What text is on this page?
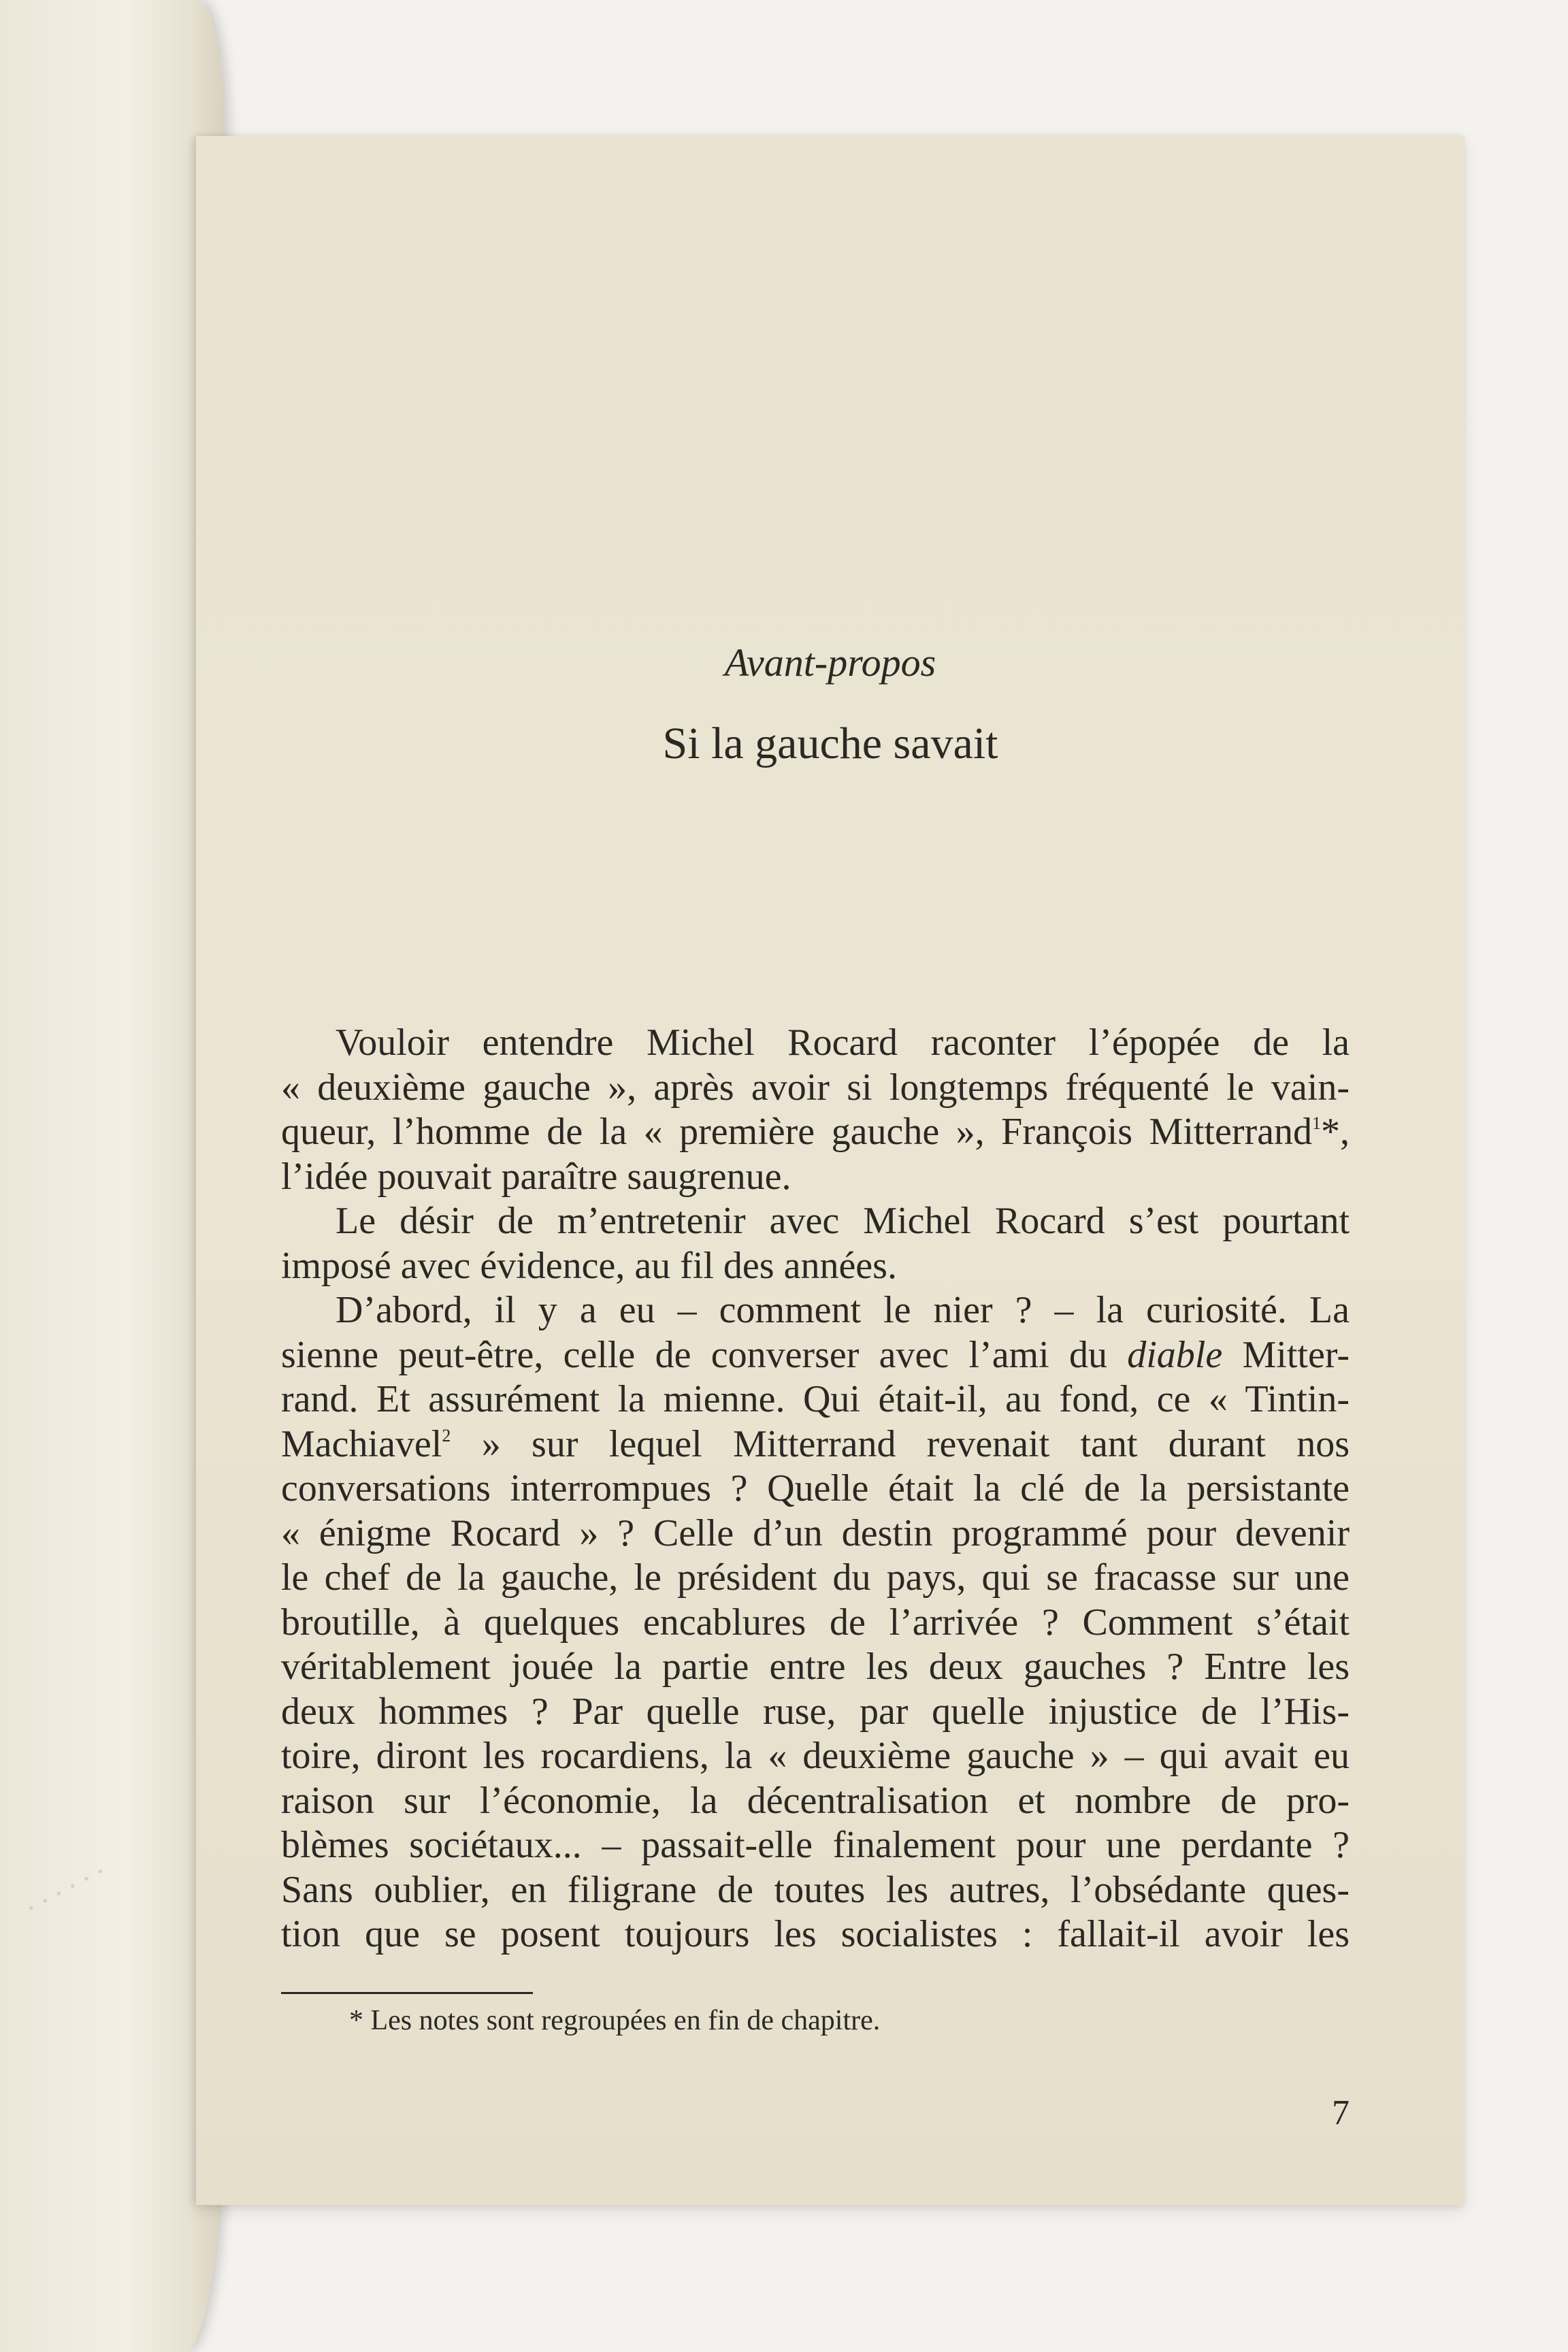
· · · · · ·

Avant-propos
Si la gauche savait
Vouloir entendre Michel Rocard raconter l’épopée de la
« deuxième gauche », après avoir si longtemps fréquenté le vain-
queur, l’homme de la « première gauche », François Mitterrand$^1$*,
l’idée pouvait paraître saugrenue.
Le désir de m’entretenir avec Michel Rocard s’est pourtant
imposé avec évidence, au fil des années.
D’abord, il y a eu – comment le nier ? – la curiosité. La
sienne peut-être, celle de converser avec l’ami du diable Mitter-
rand. Et assurément la mienne. Qui était-il, au fond, ce « Tintin-
Machiavel$^2$ » sur lequel Mitterrand revenait tant durant nos
conversations interrompues ? Quelle était la clé de la persistante
« énigme Rocard » ? Celle d’un destin programmé pour devenir
le chef de la gauche, le président du pays, qui se fracasse sur une
broutille, à quelques encablures de l’arrivée ? Comment s’était
véritablement jouée la partie entre les deux gauches ? Entre les
deux hommes ? Par quelle ruse, par quelle injustice de l’His-
toire, diront les rocardiens, la « deuxième gauche » – qui avait eu
raison sur l’économie, la décentralisation et nombre de pro-
blèmes sociétaux... – passait-elle finalement pour une perdante ?
Sans oublier, en filigrane de toutes les autres, l’obsédante ques-
tion que se posent toujours les socialistes : fallait-il avoir les
* Les notes sont regroupées en fin de chapitre.
7
